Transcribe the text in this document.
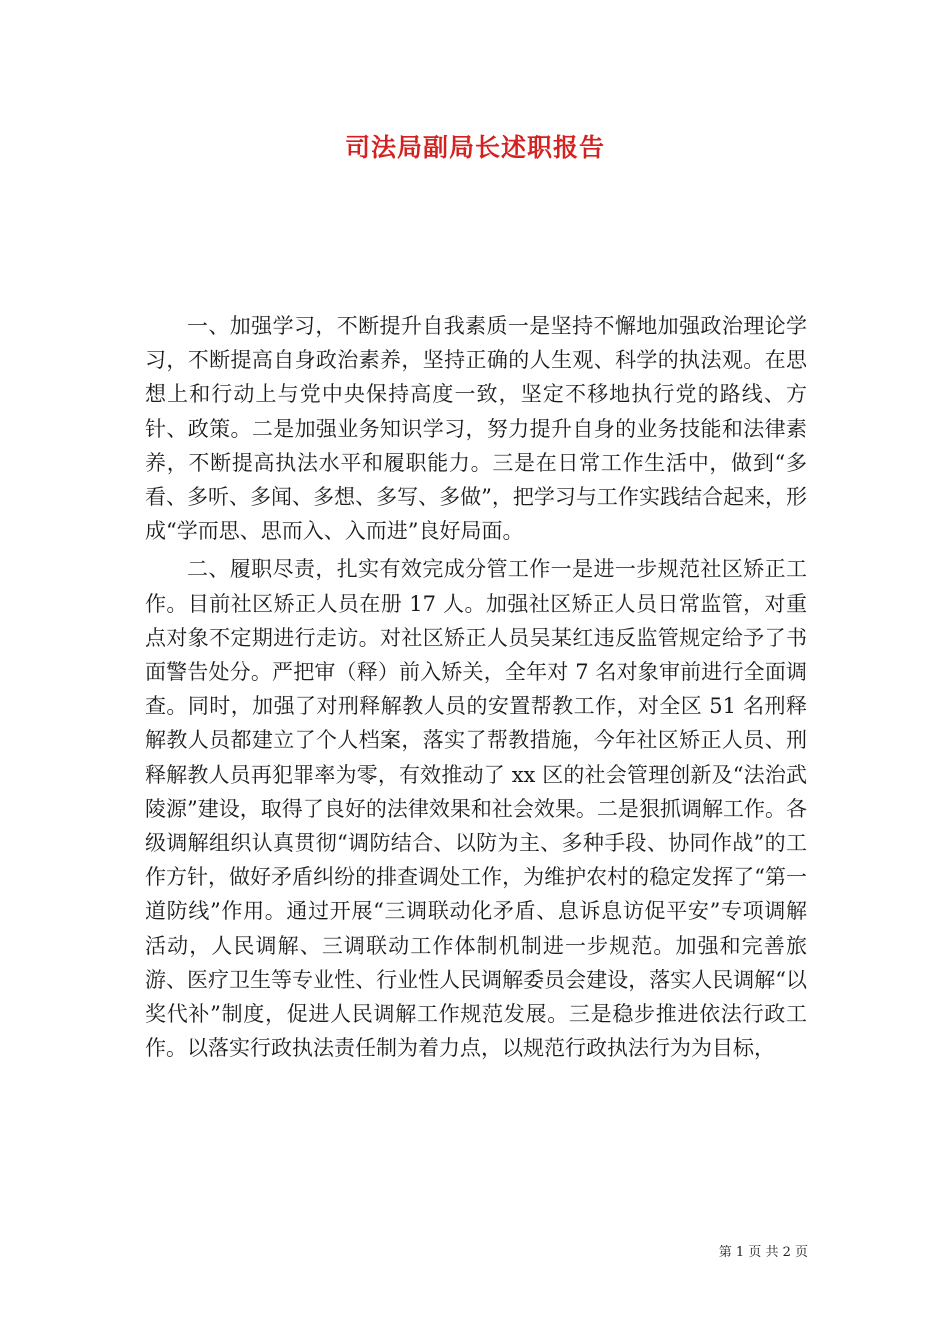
司法局副局长述职报告

一、加强学习，不断提升自我素质一是坚持不懈地加强政治理论学习，不断提高自身政治素养，坚持正确的人生观、科学的执法观。在思想上和行动上与党中央保持高度一致，坚定不移地执行党的路线、方针、政策。二是加强业务知识学习，努力提升自身的业务技能和法律素养，不断提高执法水平和履职能力。三是在日常工作生活中，做到“多看、多听、多闻、多想、多写、多做”，把学习与工作实践结合起来，形成“学而思、思而入、入而进”良好局面。

二、履职尽责，扎实有效完成分管工作一是进一步规范社区矫正工作。目前社区矫正人员在册 17 人。加强社区矫正人员日常监管，对重点对象不定期进行走访。对社区矫正人员吴某红违反监管规定给予了书面警告处分。严把审（释）前入矫关，全年对 7 名对象审前进行全面调查。同时，加强了对刑释解教人员的安置帮教工作，对全区 51 名刑释解教人员都建立了个人档案，落实了帮教措施，今年社区矫正人员、刑释解教人员再犯罪率为零，有效推动了 xx 区的社会管理创新及“法治武陵源”建设，取得了良好的法律效果和社会效果。二是狠抓调解工作。各级调解组织认真贯彻“调防结合、以防为主、多种手段、协同作战”的工作方针，做好矛盾纠纷的排查调处工作，为维护农村的稳定发挥了“第一道防线”作用。通过开展“三调联动化矛盾、息诉息访促平安”专项调解活动，人民调解、三调联动工作体制机制进一步规范。加强和完善旅游、医疗卫生等专业性、行业性人民调解委员会建设，落实人民调解“以奖代补”制度，促进人民调解工作规范发展。三是稳步推进依法行政工作。以落实行政执法责任制为着力点，以规范行政执法行为为目标，

第 1 页 共 2 页
